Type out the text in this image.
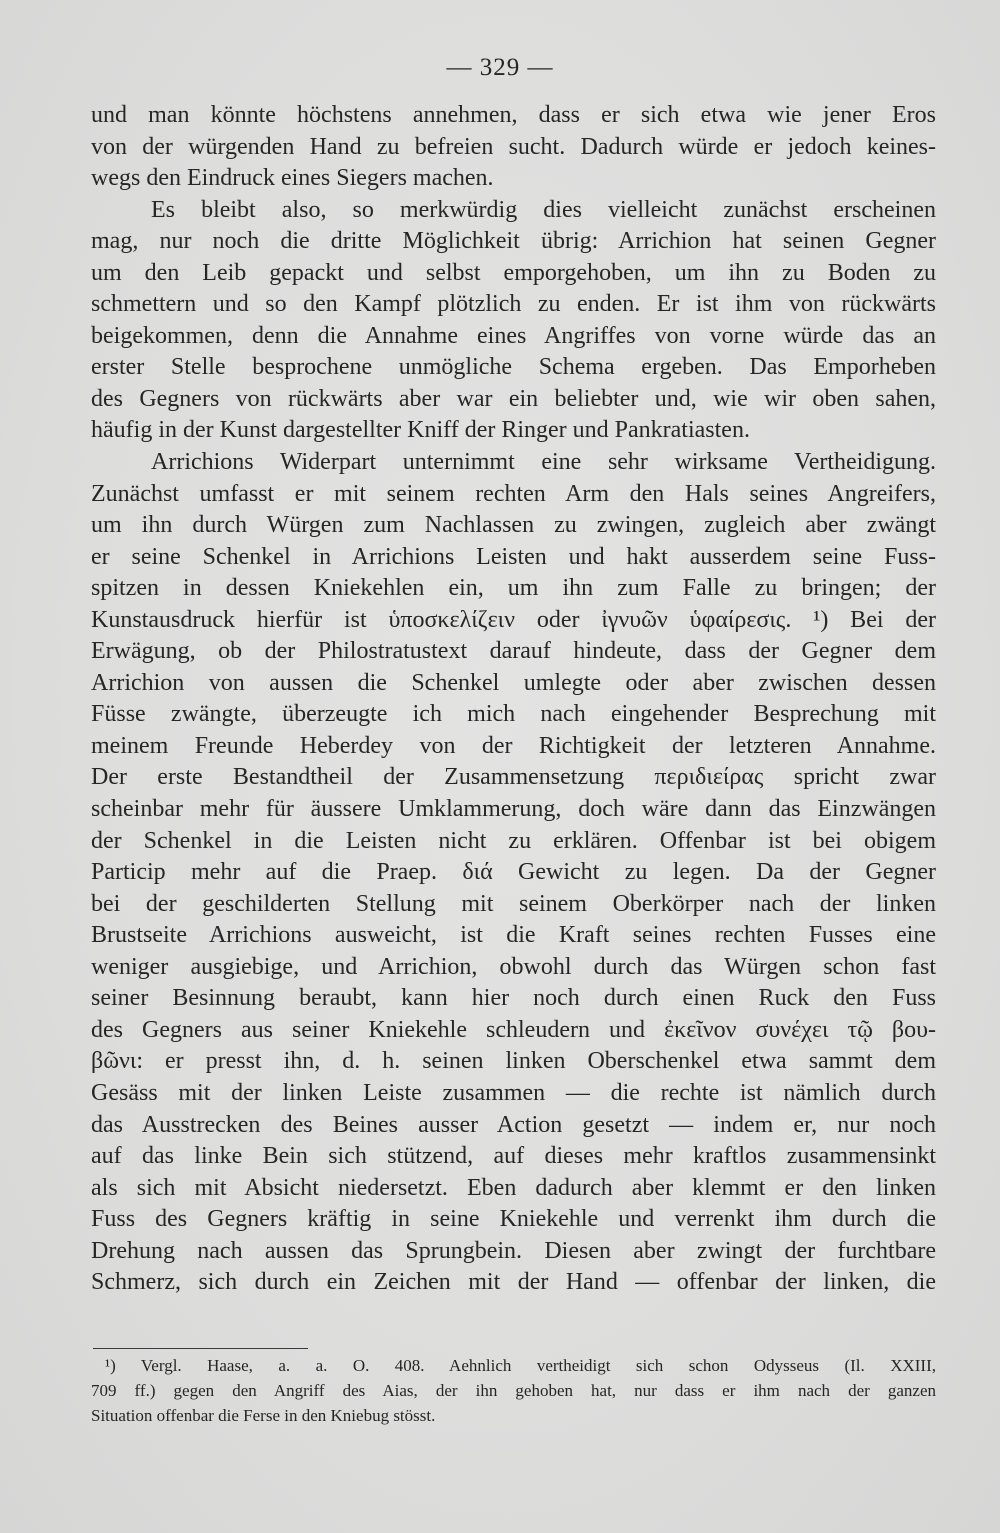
— 329 —
und man könnte höchstens annehmen, dass er sich etwa wie jener Eros
von der würgenden Hand zu befreien sucht. Dadurch würde er jedoch keines-
wegs den Eindruck eines Siegers machen.
Es bleibt also, so merkwürdig dies vielleicht zunächst erscheinen
mag, nur noch die dritte Möglichkeit übrig: Arrichion hat seinen Gegner
um den Leib gepackt und selbst emporgehoben, um ihn zu Boden zu
schmettern und so den Kampf plötzlich zu enden. Er ist ihm von rückwärts
beigekommen, denn die Annahme eines Angriffes von vorne würde das an
erster Stelle besprochene unmögliche Schema ergeben. Das Emporheben
des Gegners von rückwärts aber war ein beliebter und, wie wir oben sahen,
häufig in der Kunst dargestellter Kniff der Ringer und Pankratiasten.
Arrichions Widerpart unternimmt eine sehr wirksame Vertheidigung.
Zunächst umfasst er mit seinem rechten Arm den Hals seines Angreifers,
um ihn durch Würgen zum Nachlassen zu zwingen, zugleich aber zwängt
er seine Schenkel in Arrichions Leisten und hakt ausserdem seine Fuss-
spitzen in dessen Kniekehlen ein, um ihn zum Falle zu bringen; der
Kunstausdruck hierfür ist ὑποσκελίζειν oder ἰγνυῶν ὑφαίρεσις. ¹) Bei der
Erwägung, ob der Philostratustext darauf hindeute, dass der Gegner dem
Arrichion von aussen die Schenkel umlegte oder aber zwischen dessen
Füsse zwängte, überzeugte ich mich nach eingehender Besprechung mit
meinem Freunde Heberdey von der Richtigkeit der letzteren Annahme.
Der erste Bestandtheil der Zusammensetzung περιδιείρας spricht zwar
scheinbar mehr für äussere Umklammerung, doch wäre dann das Einzwängen
der Schenkel in die Leisten nicht zu erklären. Offenbar ist bei obigem
Particip mehr auf die Praep. διά Gewicht zu legen. Da der Gegner
bei der geschilderten Stellung mit seinem Oberkörper nach der linken
Brustseite Arrichions ausweicht, ist die Kraft seines rechten Fusses eine
weniger ausgiebige, und Arrichion, obwohl durch das Würgen schon fast
seiner Besinnung beraubt, kann hier noch durch einen Ruck den Fuss
des Gegners aus seiner Kniekehle schleudern und ἐκεῖνον συνέχει τῷ βου-
βῶνι: er presst ihn, d. h. seinen linken Oberschenkel etwa sammt dem
Gesäss mit der linken Leiste zusammen — die rechte ist nämlich durch
das Ausstrecken des Beines ausser Action gesetzt — indem er, nur noch
auf das linke Bein sich stützend, auf dieses mehr kraftlos zusammensinkt
als sich mit Absicht niedersetzt. Eben dadurch aber klemmt er den linken
Fuss des Gegners kräftig in seine Kniekehle und verrenkt ihm durch die
Drehung nach aussen das Sprungbein. Diesen aber zwingt der furchtbare
Schmerz, sich durch ein Zeichen mit der Hand — offenbar der linken, die
¹) Vergl. Haase, a. a. O. 408. Aehnlich vertheidigt sich schon Odysseus (Il. XXIII,
709 ff.) gegen den Angriff des Aias, der ihn gehoben hat, nur dass er ihm nach der ganzen
Situation offenbar die Ferse in den Kniebug stösst.
